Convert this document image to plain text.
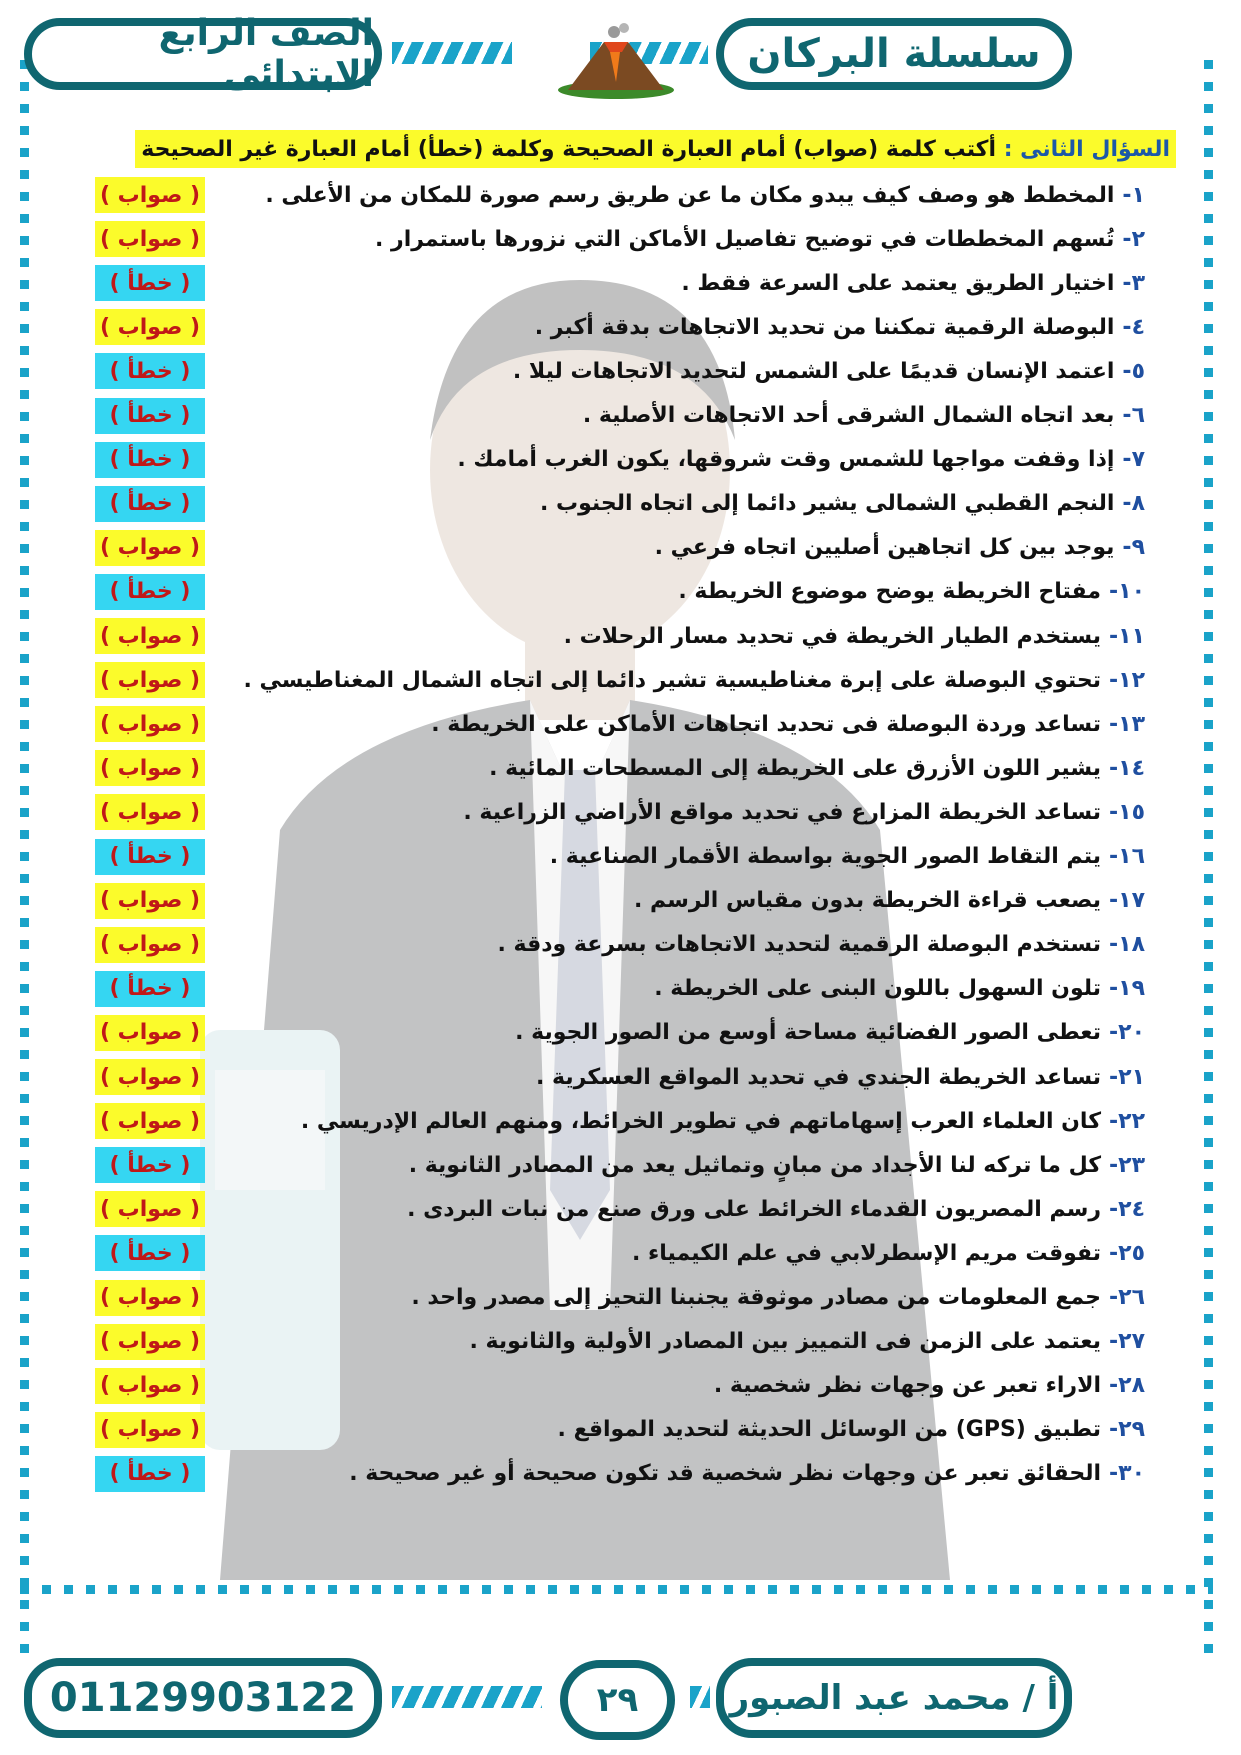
سلسلة البركان
الصف الرابع الابتدائى
السؤال الثانى :

أكتب كلمة (صواب) أمام العبارة الصحيحة وكلمة (خطأ) أمام العبارة غير الصحيحة
١-
المخطط هو وصف كيف يبدو مكان ما عن طريق رسم صورة للمكان من الأعلى .
( صواب )
٢-
تُسهم المخططات في توضيح تفاصيل الأماكن التي نزورها باستمرار .
( صواب )
٣-
اختيار الطريق يعتمد على السرعة فقط .
( خطأ )
٤-
البوصلة الرقمية تمكننا من تحديد الاتجاهات بدقة أكبر .
( صواب )
٥-
اعتمد الإنسان قديمًا على الشمس لتحديد الاتجاهات ليلا .
( خطأ )
٦-
بعد اتجاه الشمال الشرقى أحد الاتجاهات الأصلية .
( خطأ )
٧-
إذا وقفت مواجها للشمس وقت شروقها، يكون الغرب أمامك .
( خطأ )
٨-
النجم القطبي الشمالى يشير دائما إلى اتجاه الجنوب .
( خطأ )
٩-
يوجد بين كل اتجاهين أصليين اتجاه فرعي .
( صواب )
١٠-
مفتاح الخريطة يوضح موضوع الخريطة .
( خطأ )
١١-
يستخدم الطيار الخريطة في تحديد مسار الرحلات .
( صواب )
١٢-
تحتوي البوصلة على إبرة مغناطيسية تشير دائما إلى اتجاه الشمال المغناطيسي .
( صواب )
١٣-
تساعد وردة البوصلة فى تحديد اتجاهات الأماكن على الخريطة .
( صواب )
١٤-
يشير اللون الأزرق على الخريطة إلى المسطحات المائية .
( صواب )
١٥-
تساعد الخريطة المزارع في تحديد مواقع الأراضي الزراعية .
( صواب )
١٦-
يتم التقاط الصور الجوية بواسطة الأقمار الصناعية .
( خطأ )
١٧-
يصعب قراءة الخريطة بدون مقياس الرسم .
( صواب )
١٨-
تستخدم البوصلة الرقمية لتحديد الاتجاهات بسرعة ودقة .
( صواب )
١٩-
تلون السهول باللون البنى على الخريطة .
( خطأ )
٢٠-
تعطى الصور الفضائية مساحة أوسع من الصور الجوية .
( صواب )
٢١-
تساعد الخريطة الجندي في تحديد المواقع العسكرية .
( صواب )
٢٢-
كان العلماء العرب إسهاماتهم في تطوير الخرائط، ومنهم العالم الإدريسي .
( صواب )
٢٣-
كل ما تركه لنا الأجداد من مبانٍ وتماثيل يعد من المصادر الثانوية .
( خطأ )
٢٤-
رسم المصريون القدماء الخرائط على ورق صنع من نبات البردى .
( صواب )
٢٥-
تفوقت مريم الإسطرلابي في علم الكيمياء .
( خطأ )
٢٦-
جمع المعلومات من مصادر موثوقة يجنبنا التحيز إلى مصدر واحد .
( صواب )
٢٧-
يعتمد على الزمن فى التمييز بين المصادر الأولية والثانوية .
( صواب )
٢٨-
الاراء تعبر عن وجهات نظر شخصية .
( صواب )
٢٩-
تطبيق (GPS) من الوسائل الحديثة لتحديد المواقع .
( صواب )
٣٠-
الحقائق تعبر عن وجهات نظر شخصية قد تكون صحيحة أو غير صحيحة .
( خطأ )
أ / محمد عبد الصبور
01129903122	٢٩
